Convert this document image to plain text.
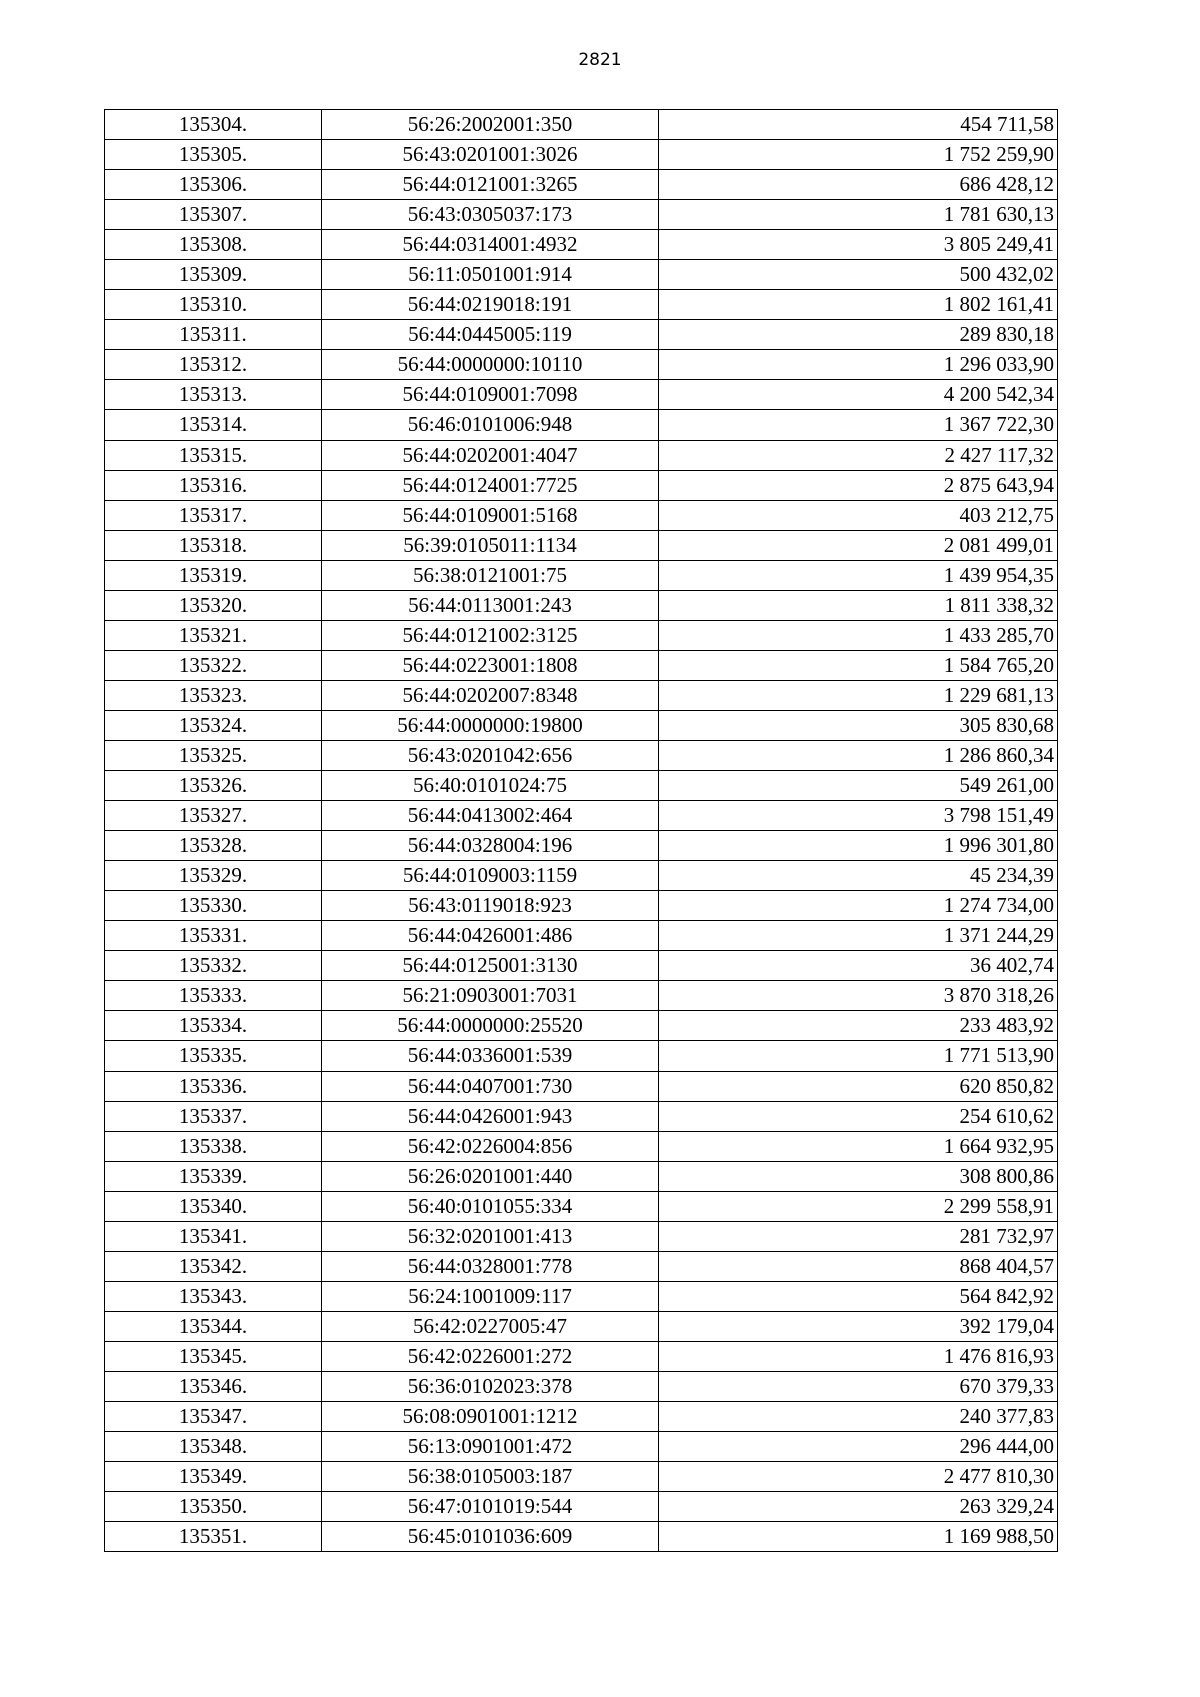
2821
135304.	56:26:2002001:350	454 711,58
135305.	56:43:0201001:3026	1 752 259,90
135306.	56:44:0121001:3265	686 428,12
135307.	56:43:0305037:173	1 781 630,13
135308.	56:44:0314001:4932	3 805 249,41
135309.	56:11:0501001:914	500 432,02
135310.	56:44:0219018:191	1 802 161,41
135311.	56:44:0445005:119	289 830,18
135312.	56:44:0000000:10110	1 296 033,90
135313.	56:44:0109001:7098	4 200 542,34
135314.	56:46:0101006:948	1 367 722,30
135315.	56:44:0202001:4047	2 427 117,32
135316.	56:44:0124001:7725	2 875 643,94
135317.	56:44:0109001:5168	403 212,75
135318.	56:39:0105011:1134	2 081 499,01
135319.	56:38:0121001:75	1 439 954,35
135320.	56:44:0113001:243	1 811 338,32
135321.	56:44:0121002:3125	1 433 285,70
135322.	56:44:0223001:1808	1 584 765,20
135323.	56:44:0202007:8348	1 229 681,13
135324.	56:44:0000000:19800	305 830,68
135325.	56:43:0201042:656	1 286 860,34
135326.	56:40:0101024:75	549 261,00
135327.	56:44:0413002:464	3 798 151,49
135328.	56:44:0328004:196	1 996 301,80
135329.	56:44:0109003:1159	45 234,39
135330.	56:43:0119018:923	1 274 734,00
135331.	56:44:0426001:486	1 371 244,29
135332.	56:44:0125001:3130	36 402,74
135333.	56:21:0903001:7031	3 870 318,26
135334.	56:44:0000000:25520	233 483,92
135335.	56:44:0336001:539	1 771 513,90
135336.	56:44:0407001:730	620 850,82
135337.	56:44:0426001:943	254 610,62
135338.	56:42:0226004:856	1 664 932,95
135339.	56:26:0201001:440	308 800,86
135340.	56:40:0101055:334	2 299 558,91
135341.	56:32:0201001:413	281 732,97
135342.	56:44:0328001:778	868 404,57
135343.	56:24:1001009:117	564 842,92
135344.	56:42:0227005:47	392 179,04
135345.	56:42:0226001:272	1 476 816,93
135346.	56:36:0102023:378	670 379,33
135347.	56:08:0901001:1212	240 377,83
135348.	56:13:0901001:472	296 444,00
135349.	56:38:0105003:187	2 477 810,30
135350.	56:47:0101019:544	263 329,24
135351.	56:45:0101036:609	1 169 988,50
